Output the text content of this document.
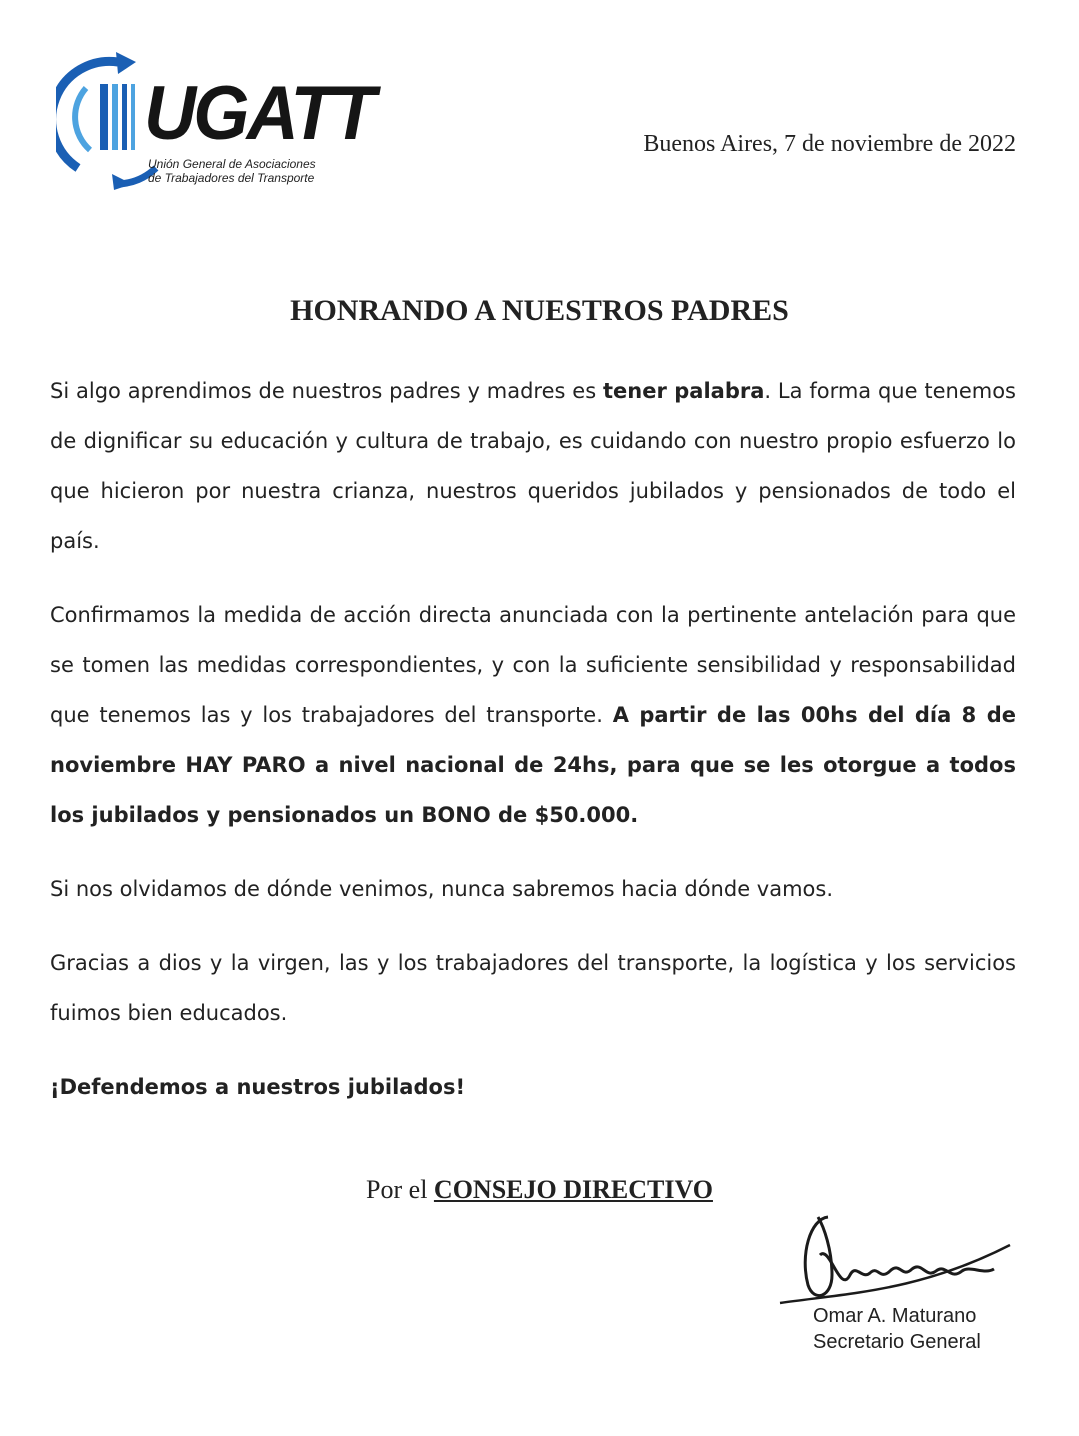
UGATT
Unión General de Asociaciones
de Trabajadores del Transporte
Buenos Aires, 7 de noviembre de 2022
HONRANDO A NUESTROS PADRES

Si algo aprendimos de nuestros padres y madres es tener palabra. La forma que tenemos de dignificar su educación y cultura de trabajo, es cuidando con nuestro propio esfuerzo lo que hicieron por nuestra crianza, nuestros queridos jubilados y pensionados de todo el país.

Confirmamos la medida de acción directa anunciada con la pertinente antelación para que se tomen las medidas correspondientes, y con la suficiente sensibilidad y responsabilidad que tenemos las y los trabajadores del transporte. A partir de las 00hs del día 8 de noviembre HAY PARO a nivel nacional de 24hs, para que se les otorgue a todos los jubilados y pensionados un BONO de $50.000.

Si nos olvidamos de dónde venimos, nunca sabremos hacia dónde vamos.

Gracias a dios y la virgen, las y los trabajadores del transporte, la logística y los servicios fuimos bien educados.

¡Defendemos a nuestros jubilados!

Por el CONSEJO DIRECTIVO
Omar A. Maturano
Secretario General
